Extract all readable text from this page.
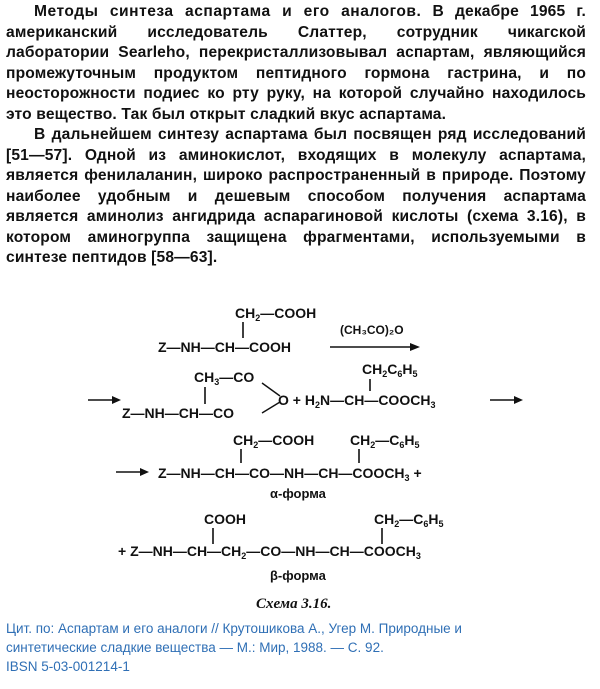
Методы синтеза аспартама и его аналогов. В декабре 1965 г. американский исследователь Слаттер, сотрудник чикагской лаборатории Searleho, перекристаллизовывал аспартам, являющийся промежуточным продуктом пептидного гормона гастрина, и по неосторожности подиес ко рту руку, на которой случайно находилось это вещество. Так был открыт сладкий вкус аспартама.

В дальнейшем синтезу аспартама был посвящен ряд исследований [51—57]. Одной из аминокислот, входящих в молекулу аспартама, является фенилаланин, широко распространенный в природе. Поэтому наиболее удобным и дешевым способом получения аспартама является аминолиз ангидрида аспарагиновой кислоты (схема 3.16), в котором аминогруппа защищена фрагментами, используемыми в синтезе пептидов [58—63].

$CH_2—COOH$
Z—NH—CH—COOH
(CH₃CO)₂O
$CH_3—CO$
Z—NH—CH—CO
$O + H_2N—CH—COOCH_3$
$CH_2C_6H_5$
$CH_2—COOH$	$CH_2—C_6H_5$
$Z—NH—CH—CO—NH—CH—COOCH_3$ +
α-форма
COOH	$CH_2—C_6H_5$
+ $Z—NH—CH—CH_2—CO—NH—CH—COOCH_3$
β-форма
Схема 3.16.
Цит. по: Аспартам и его аналоги // Крутошикова А., Угер М. Природные и
синтетические сладкие вещества — М.: Мир, 1988. — С. 92.
IBSN 5-03-001214-1
